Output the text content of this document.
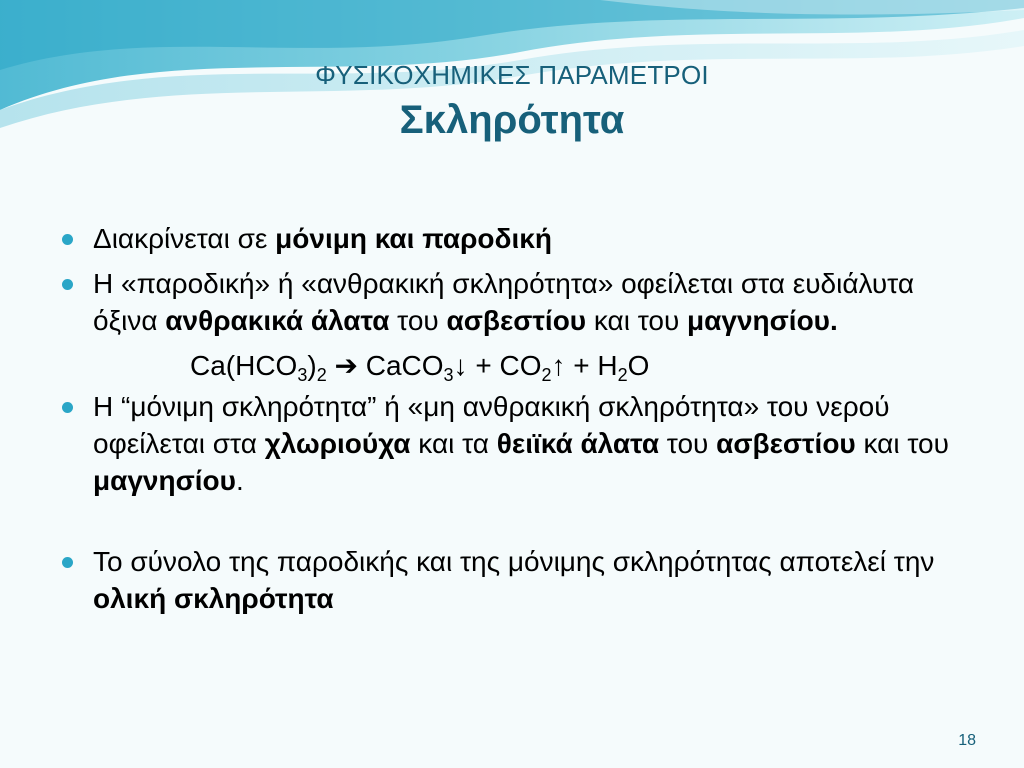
ΦΥΣΙΚΟΧΗΜΙΚΕΣ ΠΑΡΑΜΕΤΡΟΙ
Σκληρότητα
Διακρίνεται σε μόνιμη και παροδική
Η «παροδική» ή «ανθρακική σκληρότητα» οφείλεται στα ευδιάλυτα όξινα ανθρακικά άλατα του ασβεστίου και του μαγνησίου.
$Ca(HCO_3)_2$ ➔ CaCO$_3$↓ + $CO_2↑ + H_2O$
Η “μόνιμη σκληρότητα” ή «μη ανθρακική σκληρότητα» του νερού οφείλεται στα χλωριούχα και τα θειϊκά άλατα του ασβεστίου και του μαγνησίου.
Το σύνολο της παροδικής και της μόνιμης σκληρότητας αποτελεί την ολική σκληρότητα
18
